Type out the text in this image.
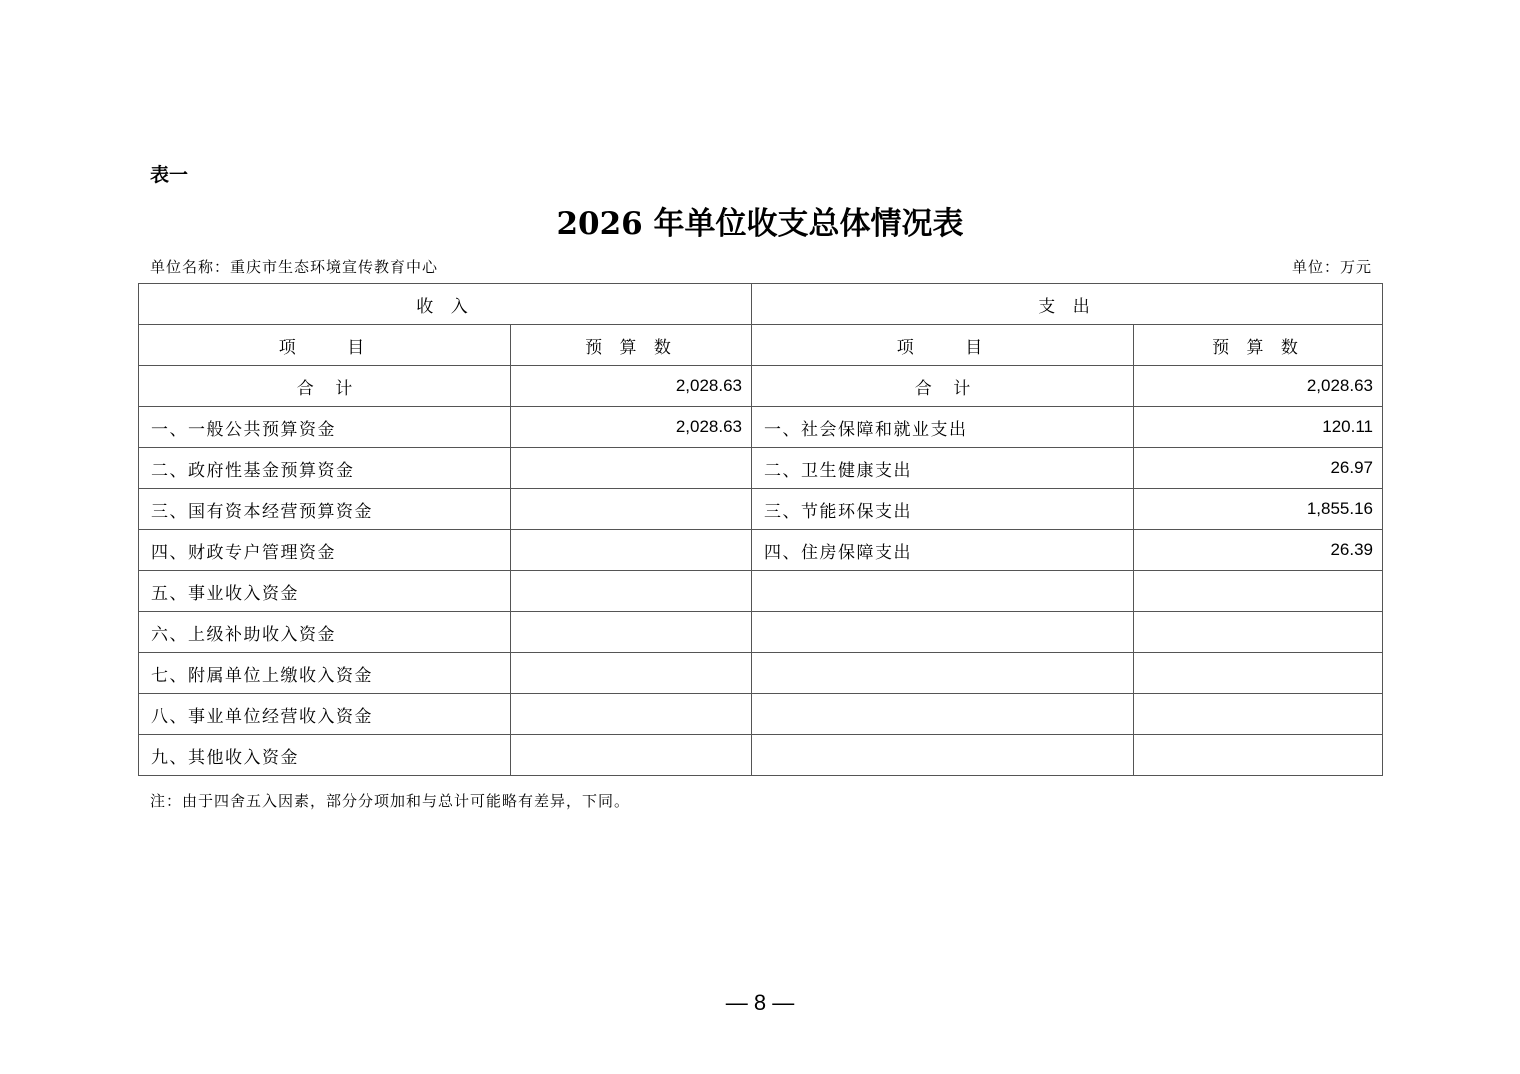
表一
2026 年单位收支总体情况表
单位名称：重庆市生态环境宣传教育中心	单位：万元
收 入		支 出	
项    目	预 算 数	项    目	预 算 数
合    计	2,028.63	合    计	2,028.63
一、一般公共预算资金	2,028.63	一、社会保障和就业支出	120.11
二、政府性基金预算资金		二、卫生健康支出	26.97
三、国有资本经营预算资金		三、节能环保支出	1,855.16
四、财政专户管理资金		四、住房保障支出	26.39
五、事业收入资金			
六、上级补助收入资金			
七、附属单位上缴收入资金			
八、事业单位经营收入资金			
九、其他收入资金			
注：由于四舍五入因素，部分分项加和与总计可能略有差异，下同。
— 8 —
